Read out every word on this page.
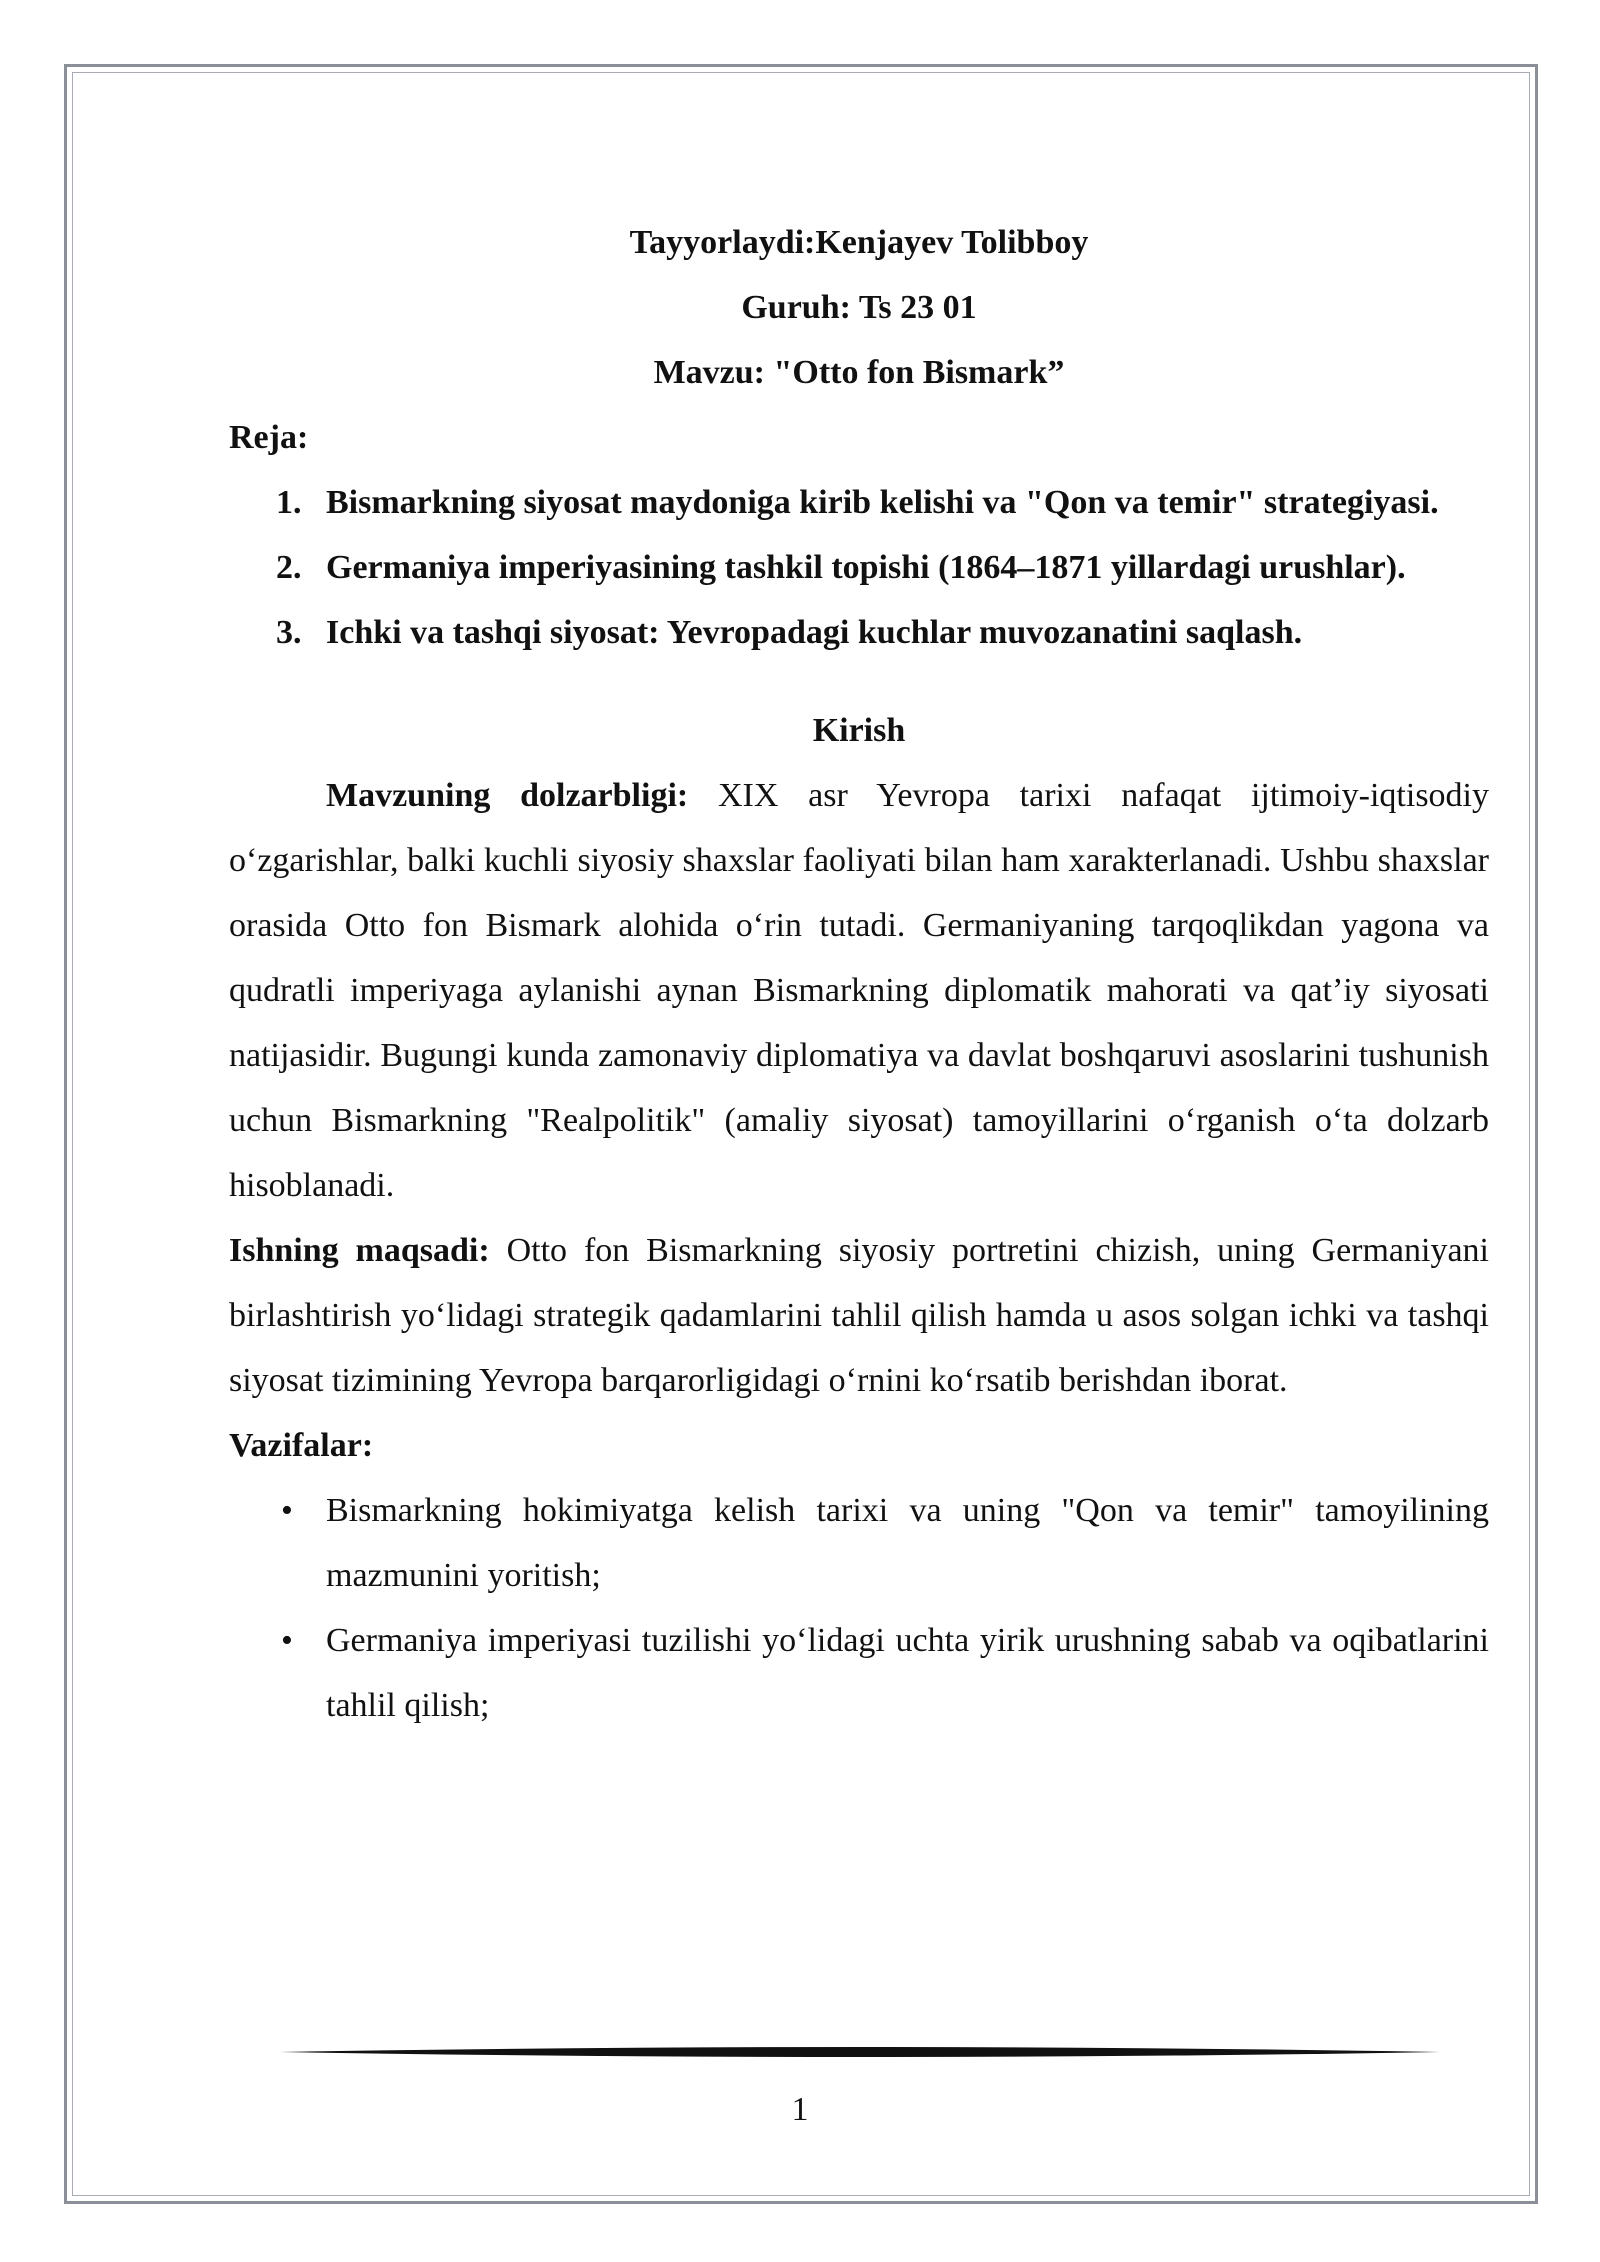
Tayyorlaydi:Kenjayev Tolibboy

Guruh: Ts 23 01

Mavzu: "Otto fon Bismark”

Reja:

1. Bismarkning siyosat maydoniga kirib kelishi va "Qon va temir" strategiyasi.
2. Germaniya imperiyasining tashkil topishi (1864–1871 yillardagi urushlar).
3. Ichki va tashqi siyosat: Yevropadagi kuchlar muvozanatini saqlash.

Kirish

Mavzuning dolzarbligi: XIX asr Yevropa tarixi nafaqat ijtimoiy-iqtisodiy o‘zgarishlar, balki kuchli siyosiy shaxslar faoliyati bilan ham xarakterlanadi. Ushbu shaxslar orasida Otto fon Bismark alohida o‘rin tutadi. Germaniyaning tarqoqlikdan yagona va qudratli imperiyaga aylanishi aynan Bismarkning diplomatik mahorati va qat’iy siyosati natijasidir. Bugungi kunda zamonaviy diplomatiya va davlat boshqaruvi asoslarini tushunish uchun Bismarkning "Realpolitik" (amaliy siyosat) tamoyillarini o‘rganish o‘ta dolzarb hisoblanadi.

Ishning maqsadi: Otto fon Bismarkning siyosiy portretini chizish, uning Germaniyani birlashtirish yo‘lidagi strategik qadamlarini tahlil qilish hamda u asos solgan ichki va tashqi siyosat tizimining Yevropa barqarorligidagi o‘rnini ko‘rsatib berishdan iborat.

Vazifalar:

• Bismarkning hokimiyatga kelish tarixi va uning "Qon va temir" tamoyilining mazmunini yoritish;
• Germaniya imperiyasi tuzilishi yo‘lidagi uchta yirik urushning sabab va oqibatlarini tahlil qilish;
1
